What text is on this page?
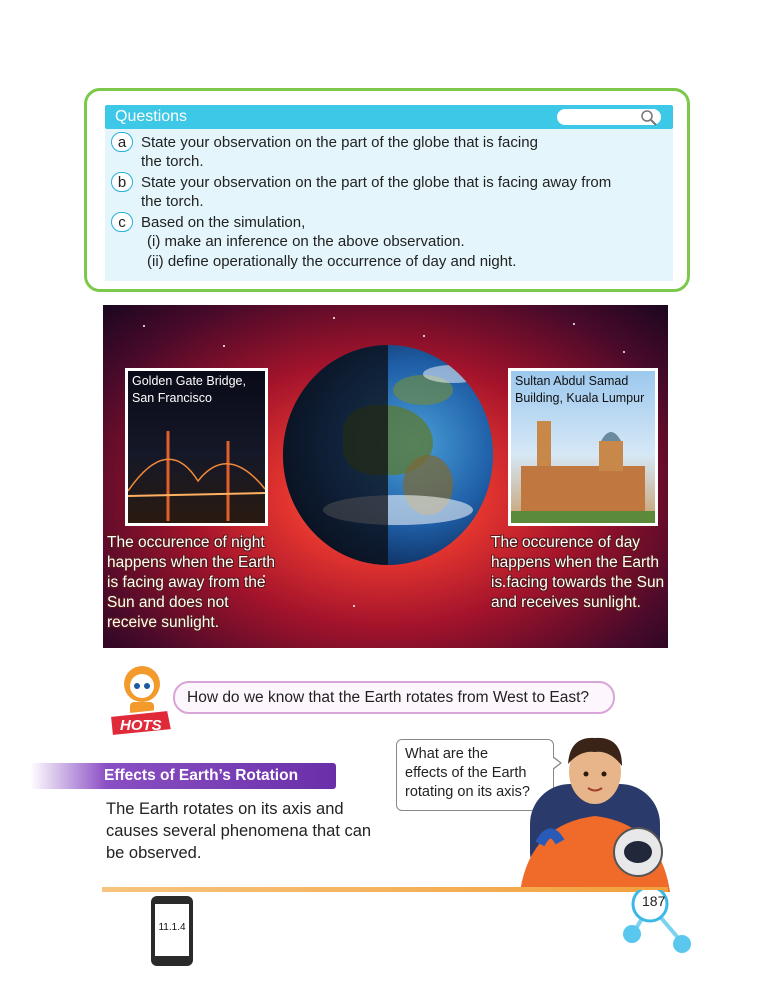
Questions
a State your observation on the part of the globe that is facing
the torch.
b State your observation on the part of the globe that is facing away from
the torch.
c	Based on the simulation,
(i) make an inference on the above observation.
(ii) define operationally the occurrence of day and night.
Golden Gate Bridge,
San Francisco
Sultan Abdul Samad
Building, Kuala Lumpur
The occurence of night
happens when the Earth
is facing away from the
Sun and does not
receive sunlight.
The occurence of day
happens when the Earth
is facing towards the Sun
and receives sunlight.
HOTS
How do we know that the Earth rotates from West to East?
Effects of Earth’s Rotation
The Earth rotates on its axis and causes several phenomena that can be observed.
What are the
effects of the Earth
rotating on its axis?
11.1.4
187
